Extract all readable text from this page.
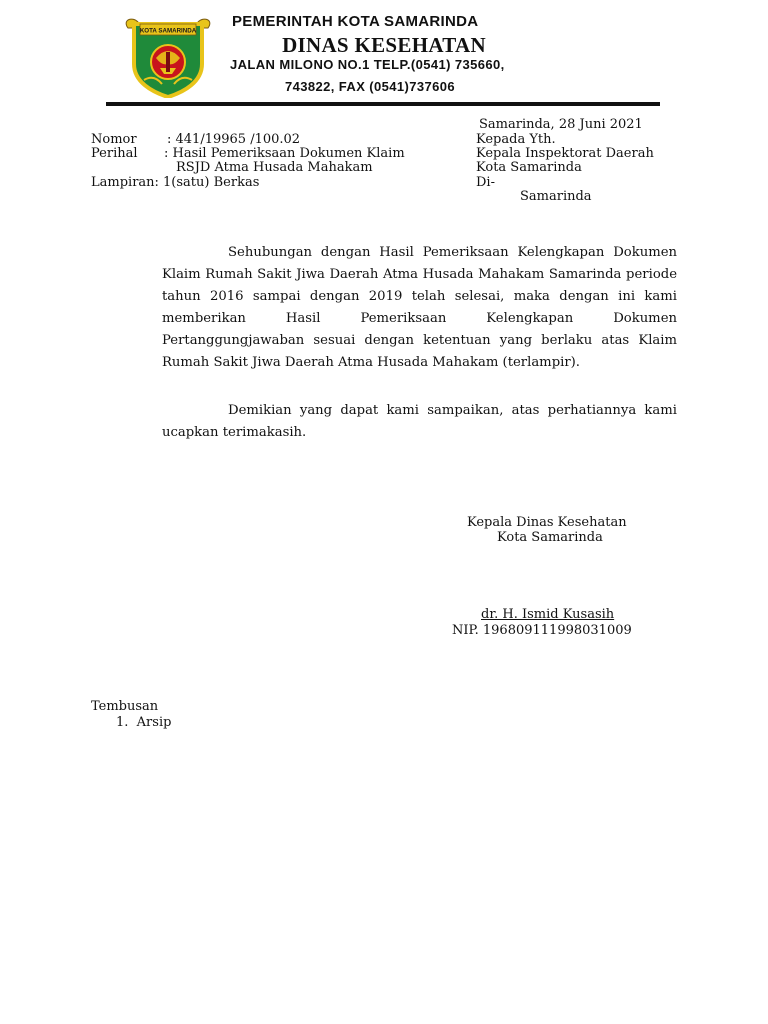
KOTA SAMARINDA
PEMERINTAH KOTA SAMARINDA
DINAS KESEHATAN
JALAN MILONO NO.1 TELP.(0541) 735660,
743822, FAX (0541)737606
Samarinda, 28 Juni 2021
Kepada Yth.
Kepala Inspektorat Daerah
Kota Samarinda
Di-
Samarinda
Nomor : 441/19965 /100.02
Perihal : Hasil Pemeriksaan Dokumen Klaim
RSJD Atma Husada Mahakam
Lampiran: 1(satu) Berkas
Sehubungan dengan Hasil Pemeriksaan Kelengkapan Dokumen Klaim Rumah Sakit Jiwa Daerah Atma Husada Mahakam Samarinda periode tahun 2016 sampai dengan 2019 telah selesai, maka dengan ini kami memberikan Hasil Pemeriksaan Kelengkapan Dokumen Pertanggungjawaban sesuai dengan ketentuan yang berlaku atas Klaim Rumah Sakit Jiwa Daerah Atma Husada Mahakam (terlampir).
Demikian yang dapat kami sampaikan, atas perhatiannya kami ucapkan terimakasih.
Kepala Dinas Kesehatan
Kota Samarinda
dr. H. Ismid Kusasih
NIP. 196809111998031009
Tembusan
1.  Arsip
